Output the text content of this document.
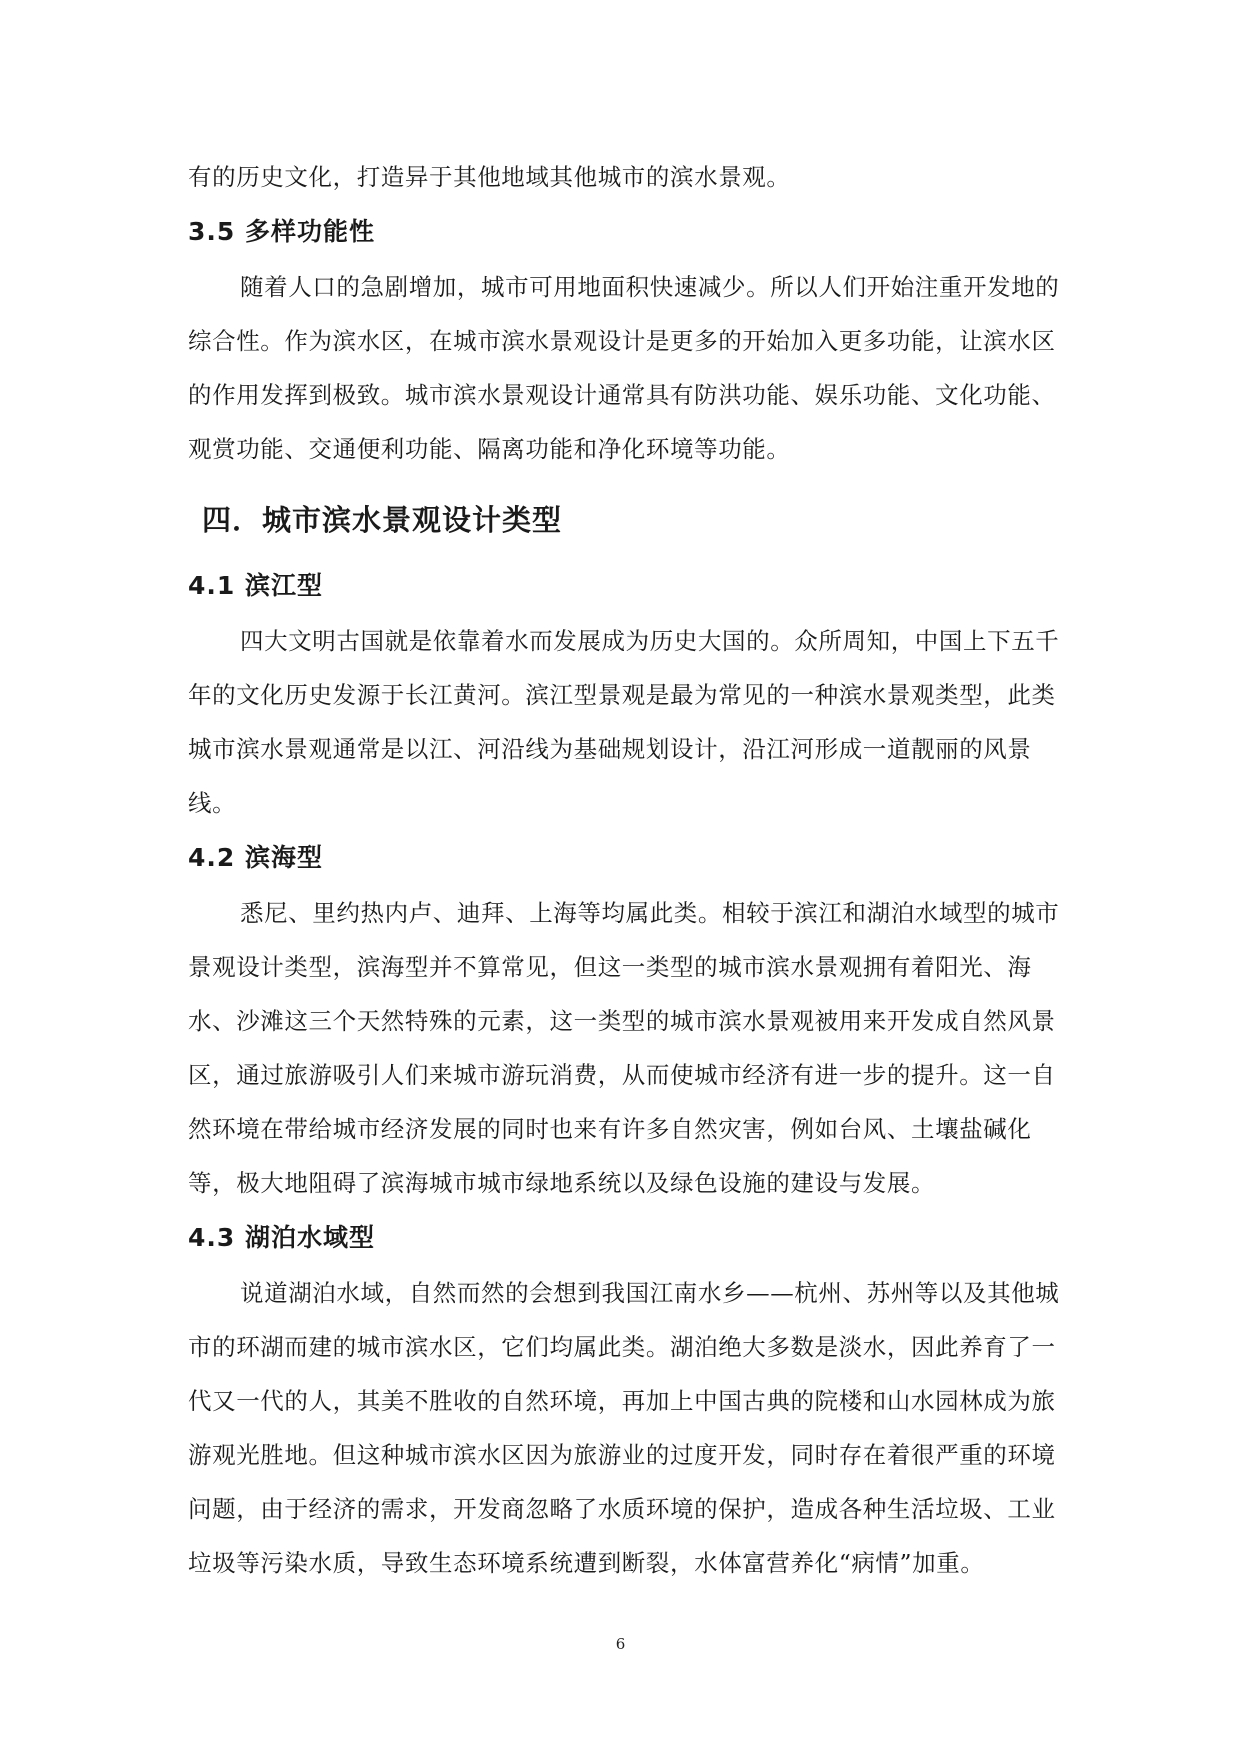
有的历史文化，打造异于其他地域其他城市的滨水景观。

3.5 多样功能性

随着人口的急剧增加，城市可用地面积快速减少。所以人们开始注重开发地的综合性。作为滨水区，在城市滨水景观设计是更多的开始加入更多功能，让滨水区的作用发挥到极致。城市滨水景观设计通常具有防洪功能、娱乐功能、文化功能、观赏功能、交通便利功能、隔离功能和净化环境等功能。

四．城市滨水景观设计类型
4.1 滨江型

四大文明古国就是依靠着水而发展成为历史大国的。众所周知，中国上下五千年的文化历史发源于长江黄河。滨江型景观是最为常见的一种滨水景观类型，此类城市滨水景观通常是以江、河沿线为基础规划设计，沿江河形成一道靓丽的风景线。

4.2 滨海型

悉尼、里约热内卢、迪拜、上海等均属此类。相较于滨江和湖泊水域型的城市景观设计类型，滨海型并不算常见，但这一类型的城市滨水景观拥有着阳光、海水、沙滩这三个天然特殊的元素，这一类型的城市滨水景观被用来开发成自然风景区，通过旅游吸引人们来城市游玩消费，从而使城市经济有进一步的提升。这一自然环境在带给城市经济发展的同时也来有许多自然灾害，例如台风、土壤盐碱化等，极大地阻碍了滨海城市城市绿地系统以及绿色设施的建设与发展。

4.3 湖泊水域型

说道湖泊水域，自然而然的会想到我国江南水乡——杭州、苏州等以及其他城市的环湖而建的城市滨水区，它们均属此类。湖泊绝大多数是淡水，因此养育了一代又一代的人，其美不胜收的自然环境，再加上中国古典的院楼和山水园林成为旅游观光胜地。但这种城市滨水区因为旅游业的过度开发，同时存在着很严重的环境问题，由于经济的需求，开发商忽略了水质环境的保护，造成各种生活垃圾、工业垃圾等污染水质，导致生态环境系统遭到断裂，水体富营养化“病情”加重。

6
